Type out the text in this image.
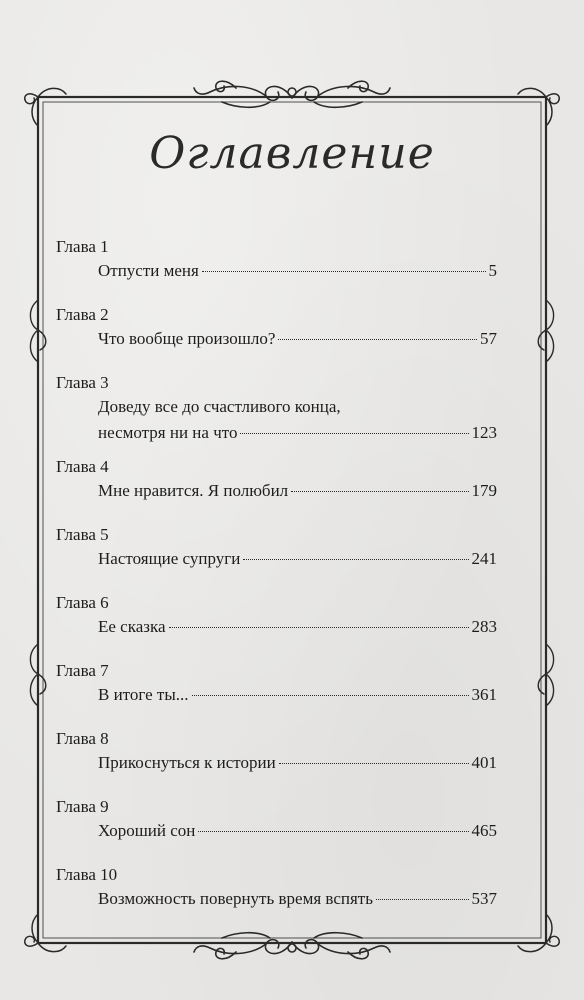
Оглавление
Глава 1
Отпусти меня	5
Глава 2
Что вообще произошло?	57
Глава 3
Доведу все до счастливого конца,
несмотря ни на что	123
Глава 4
Мне нравится. Я полюбил	179
Глава 5
Настоящие супруги	241
Глава 6
Ее сказка	283
Глава 7
В итоге ты...	361
Глава 8
Прикоснуться к истории	401
Глава 9
Хороший сон	465
Глава 10
Возможность повернуть время вспять	537
